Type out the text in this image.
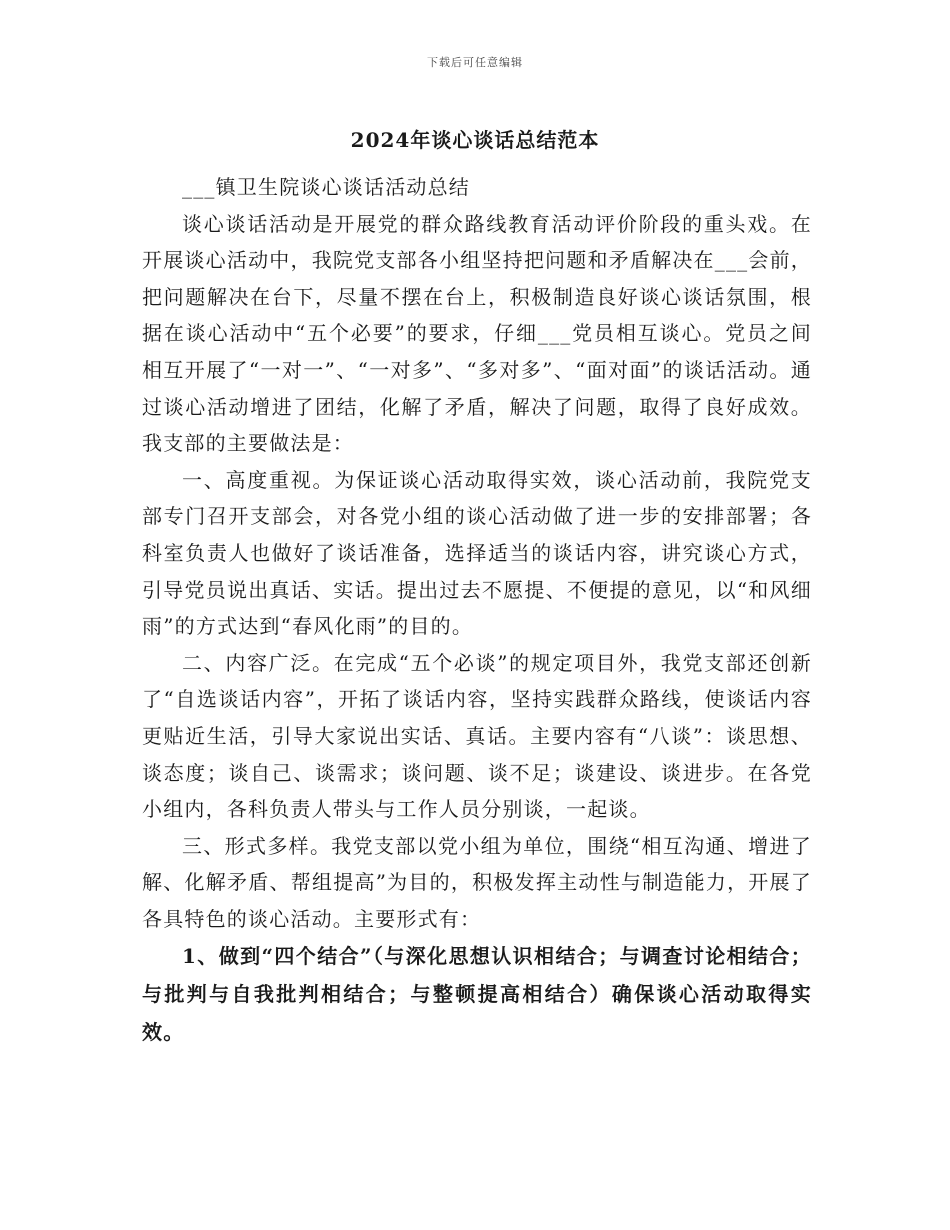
下载后可任意编辑
2024年谈心谈话总结范本

___镇卫生院谈心谈话活动总结

谈心谈话活动是开展党的群众路线教育活动评价阶段的重头戏。在开展谈心活动中，我院党支部各小组坚持把问题和矛盾解决在___会前，把问题解决在台下，尽量不摆在台上，积极制造良好谈心谈话氛围，根据在谈心活动中“五个必要”的要求，仔细___党员相互谈心。党员之间相互开展了“一对一”、“一对多”、“多对多”、“面对面”的谈话活动。通过谈心活动增进了团结，化解了矛盾，解决了问题，取得了良好成效。我支部的主要做法是：

一、高度重视。为保证谈心活动取得实效，谈心活动前，我院党支部专门召开支部会，对各党小组的谈心活动做了进一步的安排部署；各科室负责人也做好了谈话准备，选择适当的谈话内容，讲究谈心方式，引导党员说出真话、实话。提出过去不愿提、不便提的意见，以“和风细雨”的方式达到“春风化雨”的目的。

二、内容广泛。在完成“五个必谈”的规定项目外，我党支部还创新了“自选谈话内容”，开拓了谈话内容，坚持实践群众路线，使谈话内容更贴近生活，引导大家说出实话、真话。主要内容有“八谈”：谈思想、谈态度；谈自己、谈需求；谈问题、谈不足；谈建设、谈进步。在各党小组内，各科负责人带头与工作人员分别谈，一起谈。

三、形式多样。我党支部以党小组为单位，围绕“相互沟通、增进了解、化解矛盾、帮组提高”为目的，积极发挥主动性与制造能力，开展了各具特色的谈心活动。主要形式有：

1、做到“四个结合”（与深化思想认识相结合；与调查讨论相结合；与批判与自我批判相结合；与整顿提高相结合）确保谈心活动取得实效。
